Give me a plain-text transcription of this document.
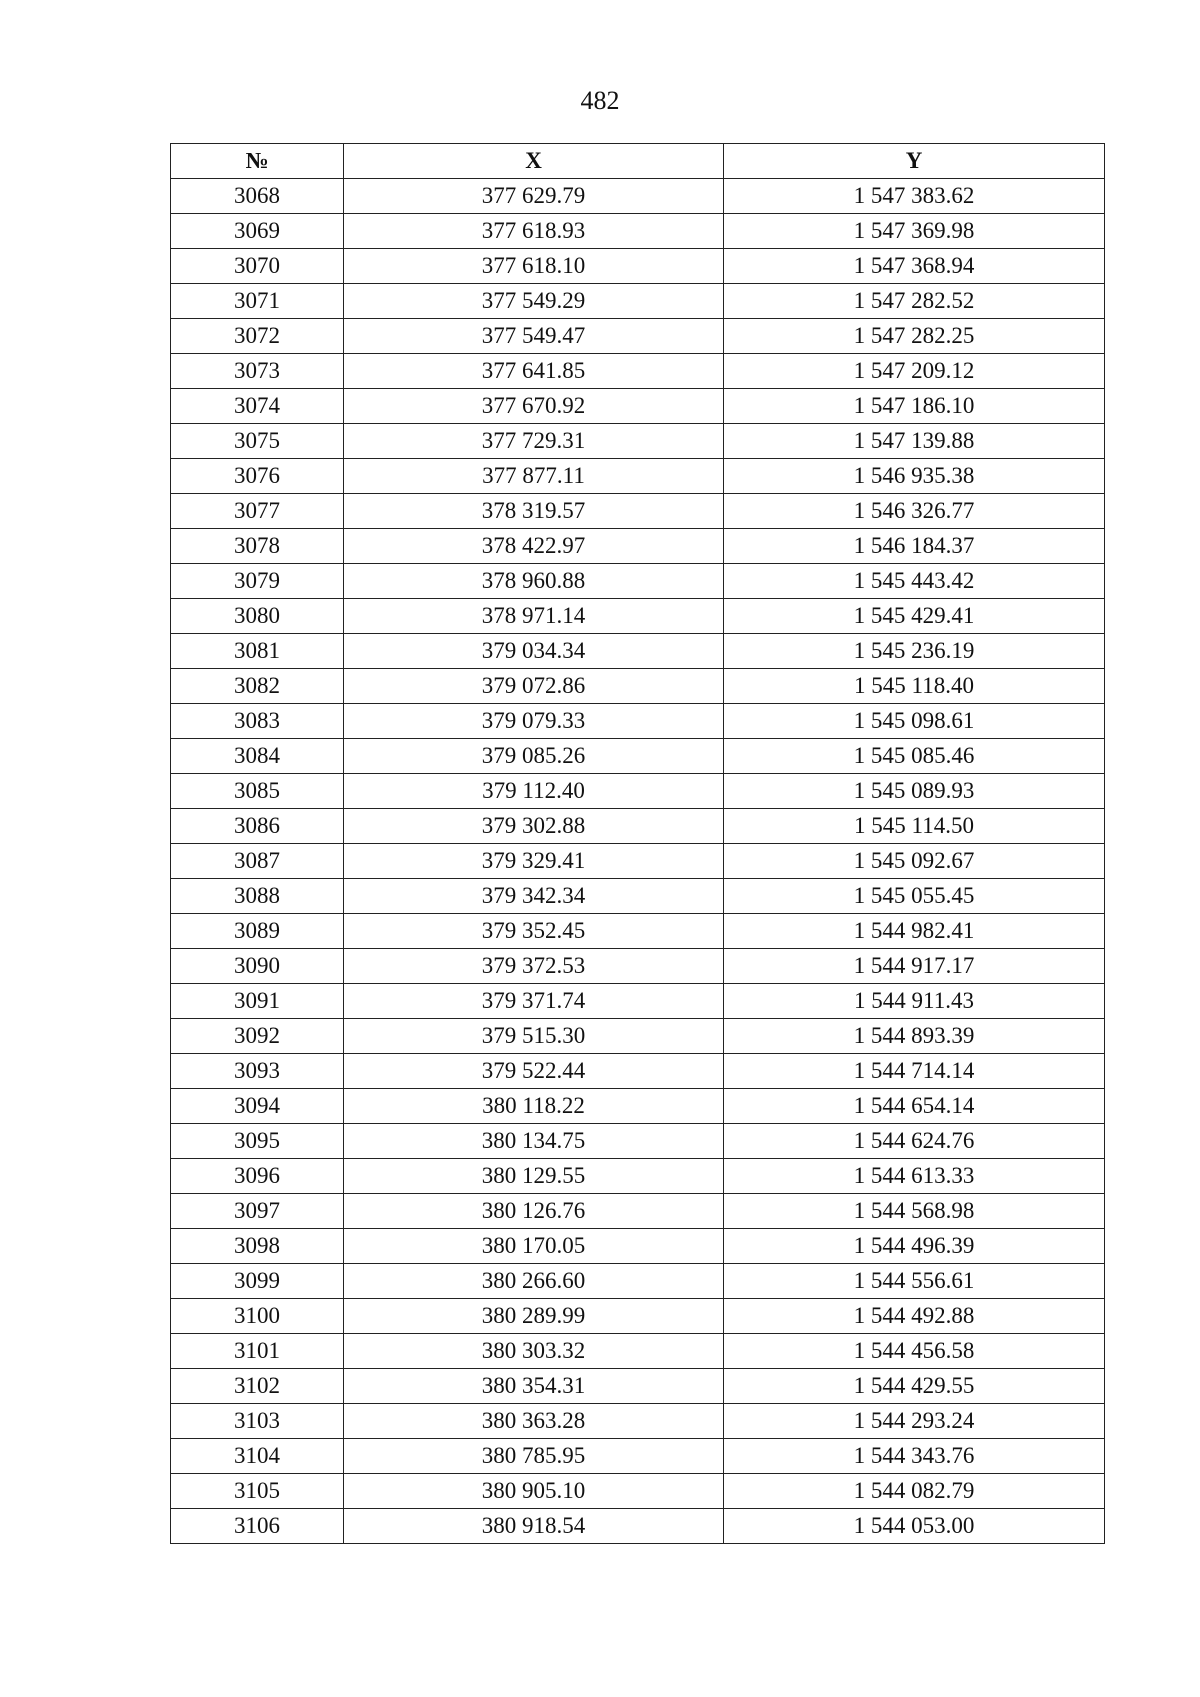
482
№	X	Y
3068	377 629.79	1 547 383.62
3069	377 618.93	1 547 369.98
3070	377 618.10	1 547 368.94
3071	377 549.29	1 547 282.52
3072	377 549.47	1 547 282.25
3073	377 641.85	1 547 209.12
3074	377 670.92	1 547 186.10
3075	377 729.31	1 547 139.88
3076	377 877.11	1 546 935.38
3077	378 319.57	1 546 326.77
3078	378 422.97	1 546 184.37
3079	378 960.88	1 545 443.42
3080	378 971.14	1 545 429.41
3081	379 034.34	1 545 236.19
3082	379 072.86	1 545 118.40
3083	379 079.33	1 545 098.61
3084	379 085.26	1 545 085.46
3085	379 112.40	1 545 089.93
3086	379 302.88	1 545 114.50
3087	379 329.41	1 545 092.67
3088	379 342.34	1 545 055.45
3089	379 352.45	1 544 982.41
3090	379 372.53	1 544 917.17
3091	379 371.74	1 544 911.43
3092	379 515.30	1 544 893.39
3093	379 522.44	1 544 714.14
3094	380 118.22	1 544 654.14
3095	380 134.75	1 544 624.76
3096	380 129.55	1 544 613.33
3097	380 126.76	1 544 568.98
3098	380 170.05	1 544 496.39
3099	380 266.60	1 544 556.61
3100	380 289.99	1 544 492.88
3101	380 303.32	1 544 456.58
3102	380 354.31	1 544 429.55
3103	380 363.28	1 544 293.24
3104	380 785.95	1 544 343.76
3105	380 905.10	1 544 082.79
3106	380 918.54	1 544 053.00
